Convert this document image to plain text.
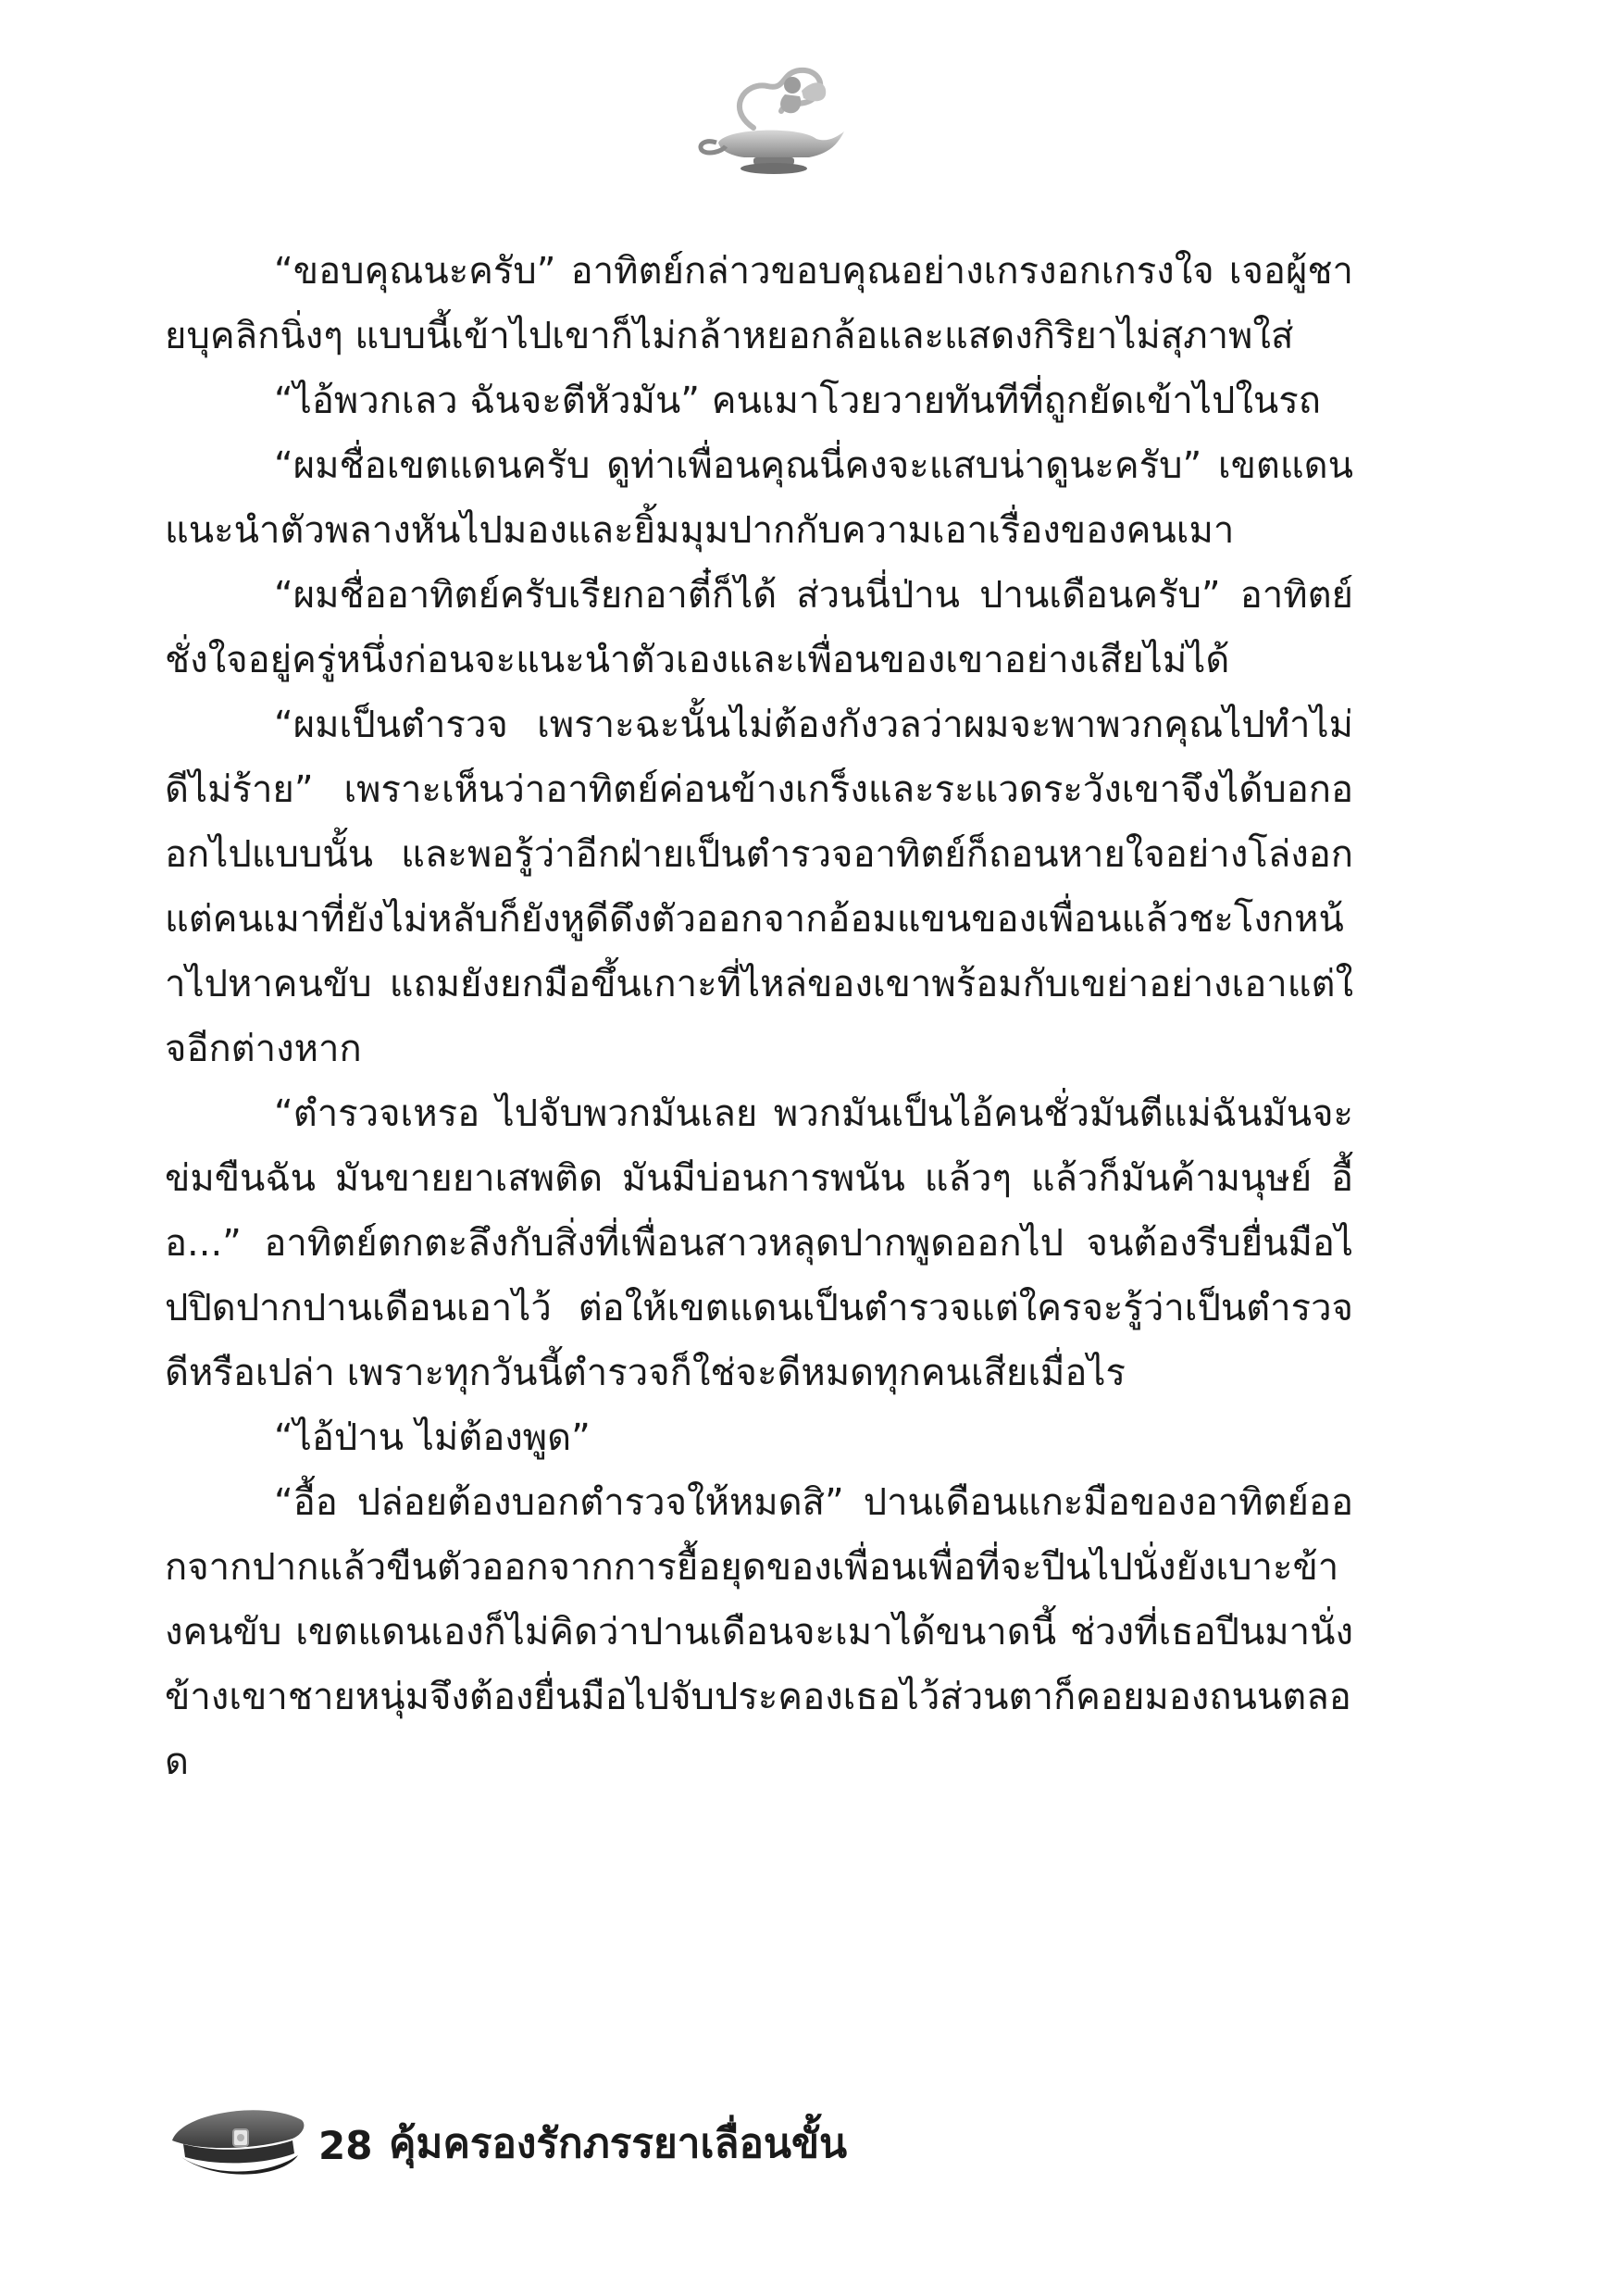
“ขอบคุณนะครับ” อาทิตย์กล่าวขอบคุณอย่างเกรงอกเกรงใจ เจอผู้ชายบุคลิกนิ่งๆ แบบนี้เข้าไปเขาก็ไม่กล้าหยอกล้อและแสดงกิริยาไม่สุภาพใส่

“ไอ้พวกเลว ฉันจะตีหัวมัน” คนเมาโวยวายทันทีที่ถูกยัดเข้าไปในรถ

“ผมชื่อเขตแดนครับ ดูท่าเพื่อนคุณนี่คงจะแสบน่าดูนะครับ” เขตแดนแนะนำตัวพลางหันไปมองและยิ้มมุมปากกับความเอาเรื่องของคนเมา

“ผมชื่ออาทิตย์ครับเรียกอาตี๋ก็ได้ ส่วนนี่ป่าน ปานเดือนครับ” อาทิตย์ชั่งใจอยู่ครู่หนึ่งก่อนจะแนะนำตัวเองและเพื่อนของเขาอย่างเสียไม่ได้

“ผมเป็นตำรวจ เพราะฉะนั้นไม่ต้องกังวลว่าผมจะพาพวกคุณไปทำไม่ดีไม่ร้าย” เพราะเห็นว่าอาทิตย์ค่อนข้างเกร็งและระแวดระวังเขาจึงได้บอกออกไปแบบนั้น และพอรู้ว่าอีกฝ่ายเป็นตำรวจอาทิตย์ก็ถอนหายใจอย่างโล่งอกแต่คนเมาที่ยังไม่หลับก็ยังหูดีดึงตัวออกจากอ้อมแขนของเพื่อนแล้วชะโงกหน้าไปหาคนขับ แถมยังยกมือขึ้นเกาะที่ไหล่ของเขาพร้อมกับเขย่าอย่างเอาแต่ใจอีกต่างหาก

“ตำรวจเหรอ ไปจับพวกมันเลย พวกมันเป็นไอ้คนชั่วมันตีแม่ฉันมันจะข่มขืนฉัน มันขายยาเสพติด มันมีบ่อนการพนัน แล้วๆ แล้วก็มันค้ามนุษย์ อื้อ...” อาทิตย์ตกตะลึงกับสิ่งที่เพื่อนสาวหลุดปากพูดออกไป จนต้องรีบยื่นมือไปปิดปากปานเดือนเอาไว้ ต่อให้เขตแดนเป็นตำรวจแต่ใครจะรู้ว่าเป็นตำรวจดีหรือเปล่า เพราะทุกวันนี้ตำรวจก็ใช่จะดีหมดทุกคนเสียเมื่อไร

“ไอ้ป่าน ไม่ต้องพูด”

“อื้อ ปล่อยต้องบอกตำรวจให้หมดสิ” ปานเดือนแกะมือของอาทิตย์ออกจากปากแล้วขืนตัวออกจากการยื้อยุดของเพื่อนเพื่อที่จะปีนไปนั่งยังเบาะข้างคนขับ เขตแดนเองก็ไม่คิดว่าปานเดือนจะเมาได้ขนาดนี้ ช่วงที่เธอปีนมานั่งข้างเขาชายหนุ่มจึงต้องยื่นมือไปจับประคองเธอไว้ส่วนตาก็คอยมองถนนตลอด

28 คุ้มครองรักภรรยาเลื่อนขั้น
